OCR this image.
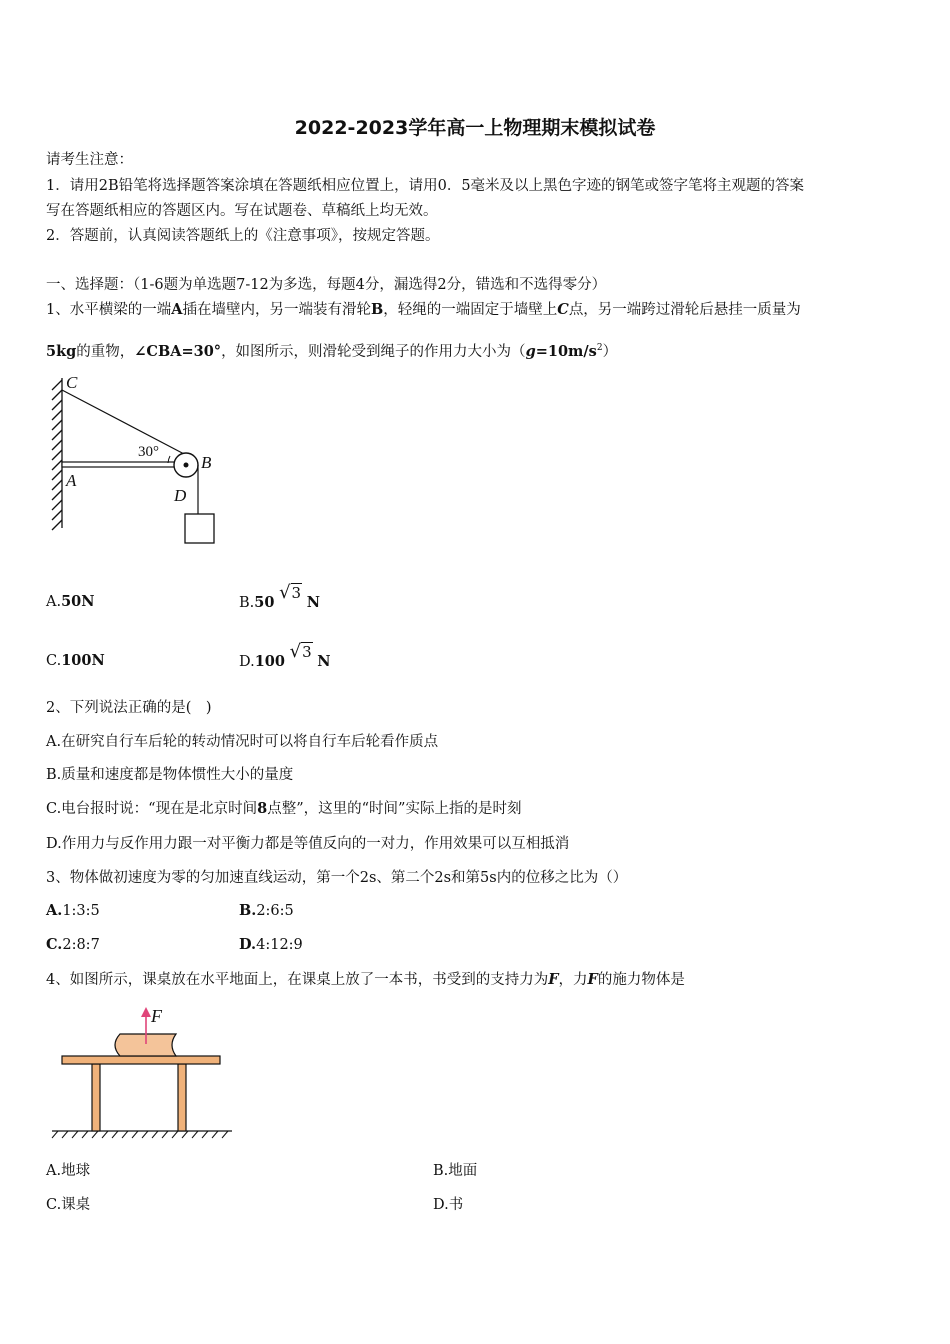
2022-2023学年高一上物理期末模拟试卷
请考生注意：
1．请用2B铅笔将选择题答案涂填在答题纸相应位置上，请用0．5毫米及以上黑色字迹的钢笔或签字笔将主观题的答案
写在答题纸相应的答题区内。写在试题卷、草稿纸上均无效。
2．答题前，认真阅读答题纸上的《注意事项》，按规定答题。
一、选择题：（1-6题为单选题7-12为多选，每题4分，漏选得2分，错选和不选得零分）
1、水平横梁的一端A插在墙壁内，另一端装有滑轮B，轻绳的一端固定于墙壁上C点，另一端跨过滑轮后悬挂一质量为
5kg的重物，∠CBA=30°，如图所示，则滑轮受到绳子的作用力大小为$(g=10m/s^2)$
C
30°
B
A
D
A.50N	B.50 √3 N
C.100N	D.100 √3 N
2、下列说法正确的是(　)
A.在研究自行车后轮的转动情况时可以将自行车后轮看作质点
B.质量和速度都是物体惯性大小的量度
C.电台报时说：“现在是北京时间8点整”，这里的“时间”实际上指的是时刻
D.作用力与反作用力跟一对平衡力都是等值反向的一对力，作用效果可以互相抵消
3、物体做初速度为零的匀加速直线运动，第一个2s、第二个2s和第5s内的位移之比为（）
A.1:3:5	B.2:6:5
C.2:8:7	D.4:12:9
4、如图所示，课桌放在水平地面上，在课桌上放了一本书，书受到的支持力为F，力F的施力物体是
F
A.地球	B.地面
C.课桌	D.书
